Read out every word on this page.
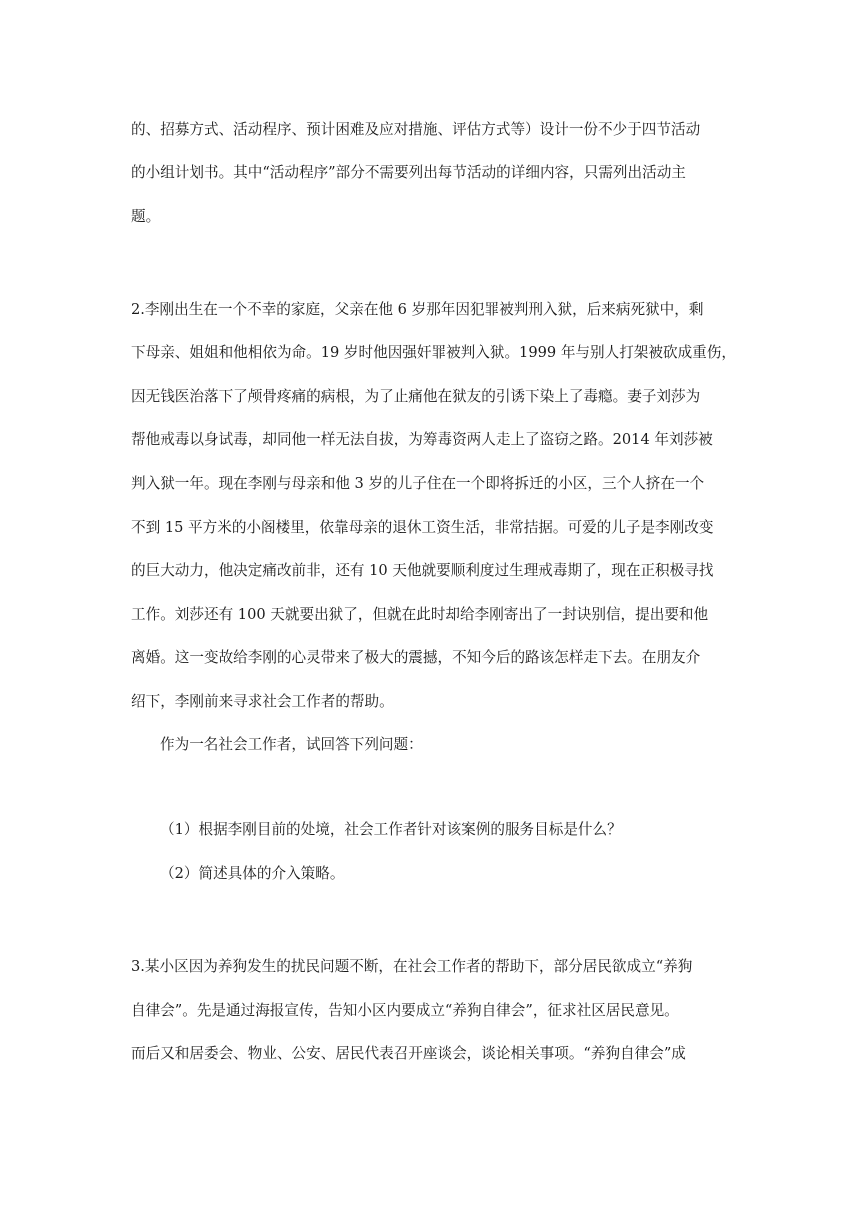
的、招募方式、活动程序、预计困难及应对措施、评估方式等）设计一份不少于四节活动
的小组计划书。其中“活动程序”部分不需要列出每节活动的详细内容，只需列出活动主
题。
2.李刚出生在一个不幸的家庭，父亲在他 6 岁那年因犯罪被判刑入狱，后来病死狱中，剩
下母亲、姐姐和他相依为命。19 岁时他因强奸罪被判入狱。1999 年与别人打架被砍成重伤，
因无钱医治落下了颅骨疼痛的病根，为了止痛他在狱友的引诱下染上了毒瘾。妻子刘莎为
帮他戒毒以身试毒，却同他一样无法自拔，为筹毒资两人走上了盗窃之路。2014 年刘莎被
判入狱一年。现在李刚与母亲和他 3 岁的儿子住在一个即将拆迁的小区，三个人挤在一个
不到 15 平方米的小阁楼里，依靠母亲的退休工资生活，非常拮据。可爱的儿子是李刚改变
的巨大动力，他决定痛改前非，还有 10 天他就要顺利度过生理戒毒期了，现在正积极寻找
工作。刘莎还有 100 天就要出狱了，但就在此时却给李刚寄出了一封诀别信，提出要和他
离婚。这一变故给李刚的心灵带来了极大的震撼，不知今后的路该怎样走下去。在朋友介
绍下，李刚前来寻求社会工作者的帮助。
作为一名社会工作者，试回答下列问题：
（1）根据李刚目前的处境，社会工作者针对该案例的服务目标是什么？
（2）简述具体的介入策略。
3.某小区因为养狗发生的扰民问题不断，在社会工作者的帮助下，部分居民欲成立“养狗
自律会”。先是通过海报宣传，告知小区内要成立“养狗自律会”，征求社区居民意见。
而后又和居委会、物业、公安、居民代表召开座谈会，谈论相关事项。“养狗自律会”成
